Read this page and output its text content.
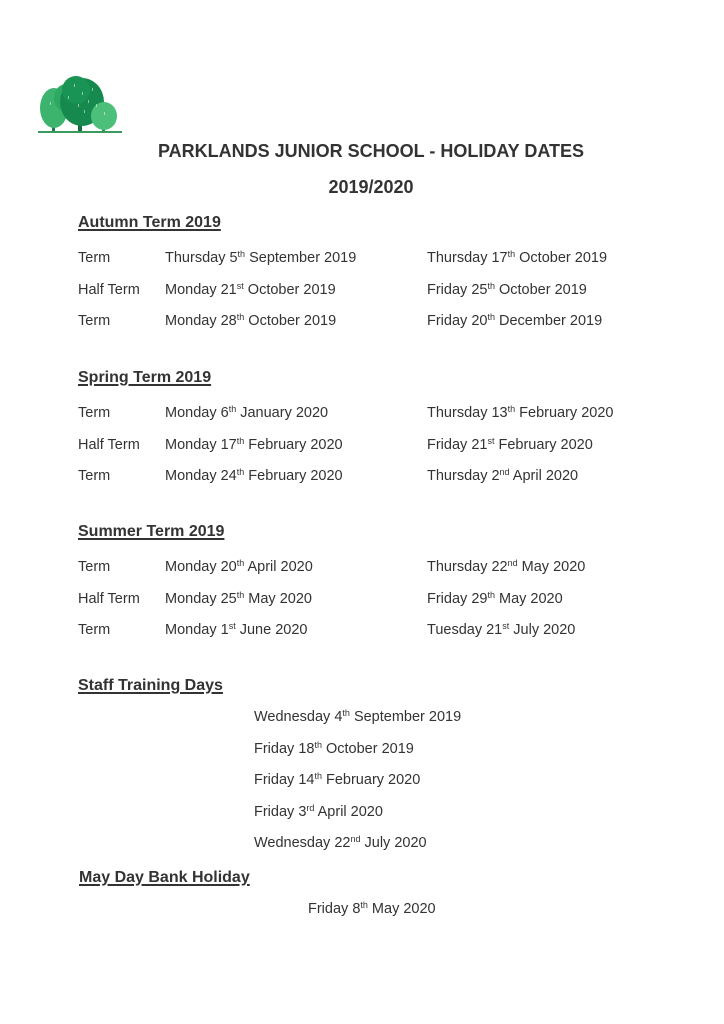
PARKLANDS JUNIOR SCHOOL - HOLIDAY DATES
2019/2020
Autumn Term 2019
Term	Thursday 5th September 2019	Thursday 17th October 2019
Half Term Monday 21st October 2019	Friday 25th October 2019
Term	Monday 28th October 2019	Friday 20th December 2019
Spring Term 2019
Term	Monday 6th January 2020	Thursday 13th February 2020
Half Term Monday 17th February 2020	Friday 21st February 2020
Term	Monday 24th February 2020	Thursday 2nd April 2020
Summer Term 2019
Term	Monday 20th April 2020	Thursday 22nd May 2020
Half Term Monday 25th May 2020	Friday 29th May 2020
Term	Monday 1st June 2020	Tuesday 21st July 2020
Staff Training Days
Wednesday 4th September 2019
Friday 18th October 2019
Friday 14th February 2020
Friday 3rd April 2020
Wednesday 22nd July 2020
May Day Bank Holiday
Friday 8th May 2020
